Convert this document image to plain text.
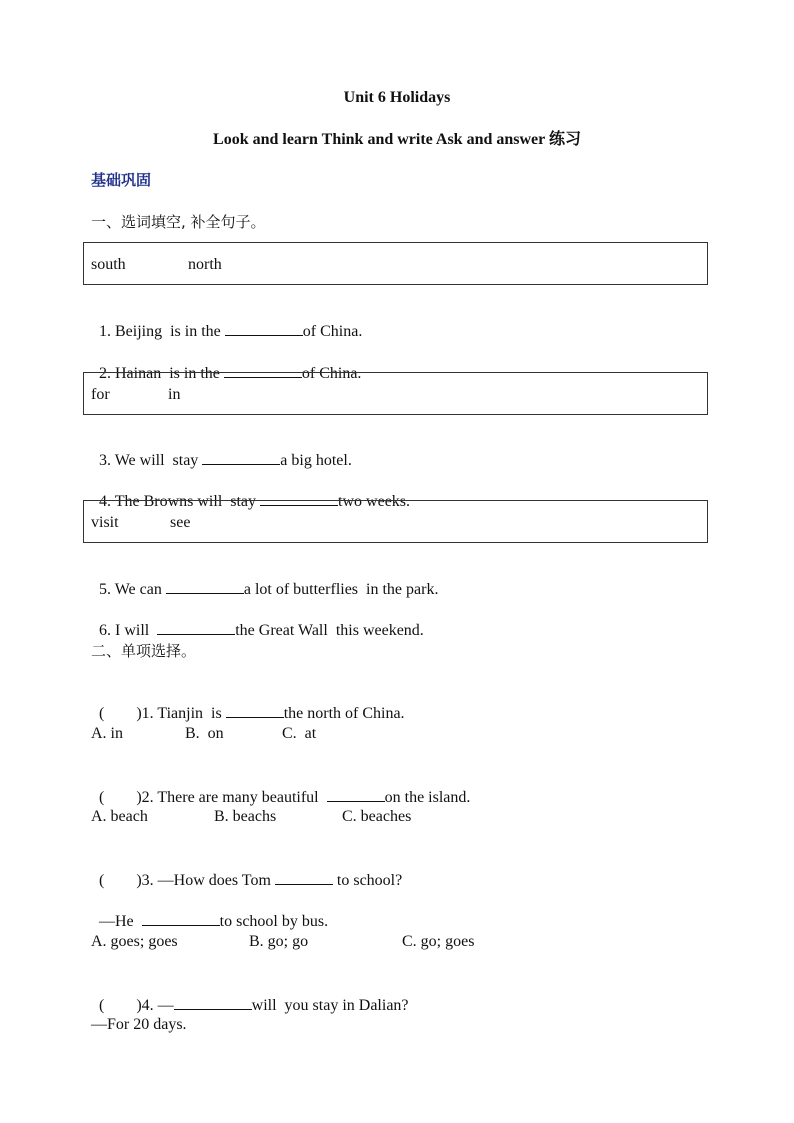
Unit 6 Holidays
Look and learn Think and write Ask and answer 练习
基础巩固
一、选词填空, 补全句子。
south	north

1. Beijing  is in the	of China.

2. Hainan  is in the	of China.

for	in

3. We will  stay	a big hotel.

4. The Browns will  stay	two weeks.

visit	see

5. We can	a lot of butterflies  in the park.

6. I will	the Great Wall  this weekend.

二、单项选择。

(        )1. Tianjin  is	the north of China.

A. in	B.  on	C.  at

(        )2. There are many beautiful	on the island.

A. beach	B. beachs	C. beaches

(        )3. —How does Tom	to school?

—He	to school by bus.

A. goes; goes	B. go; go	C. go; goes

(        )4. —	will  you stay in Dalian?

—For 20 days.
